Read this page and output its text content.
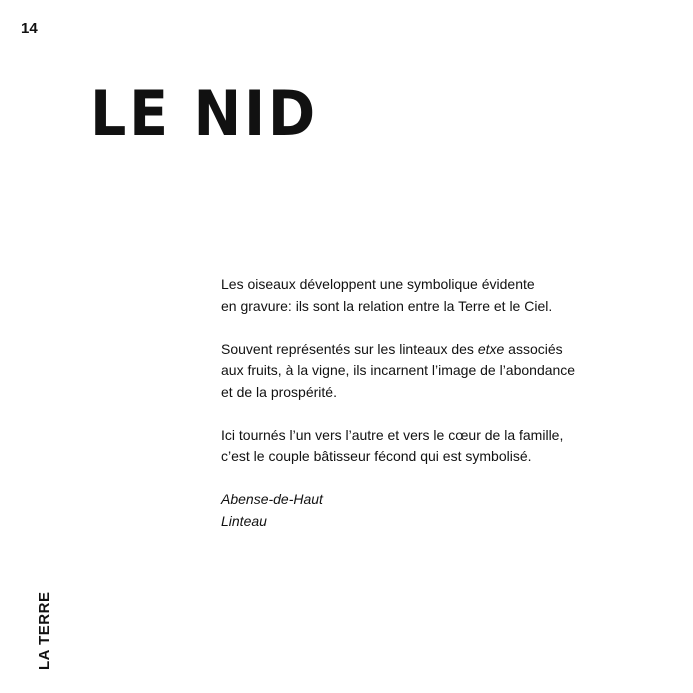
14
LE NID

Les oiseaux développent une symbolique évidente
en gravure: ils sont la relation entre la Terre et le Ciel.

Souvent représentés sur les linteaux des etxe associés
aux fruits, à la vigne, ils incarnent l’image de l’abondance
et de la prospérité.

Ici tournés l’un vers l’autre et vers le cœur de la famille,
c’est le couple bâtisseur fécond qui est symbolisé.

Abense-de-Haut
Linteau

LA TERRE
